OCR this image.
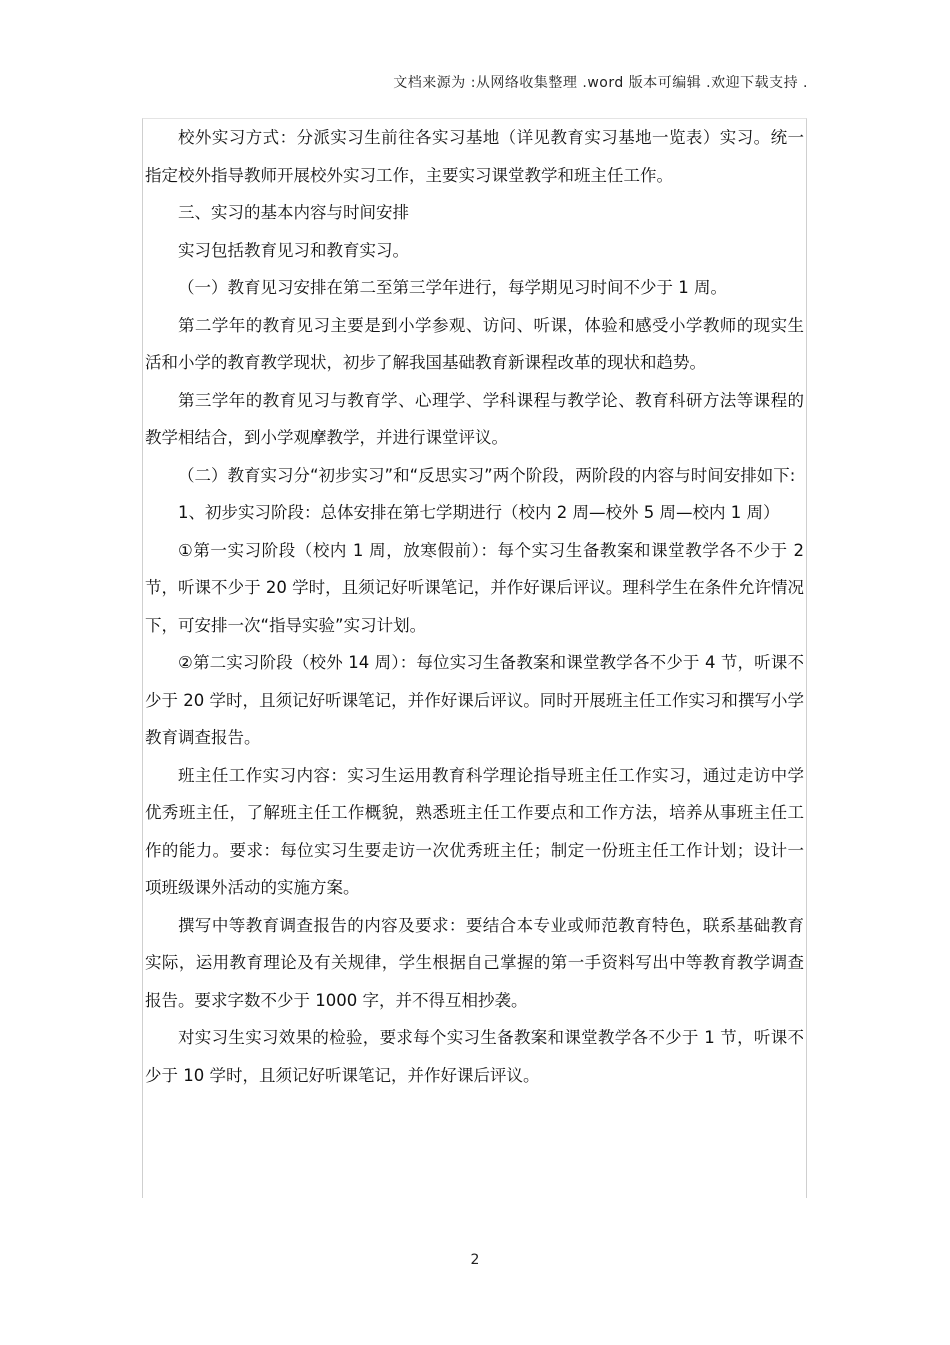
文档来源为 :从网络收集整理 .word 版本可编辑 .欢迎下载支持 .

校外实习方式：分派实习生前往各实习基地（详见教育实习基地一览表）实习。统一指定校外指导教师开展校外实习工作，主要实习课堂教学和班主任工作。

三、实习的基本内容与时间安排

实习包括教育见习和教育实习。

（一）教育见习安排在第二至第三学年进行，每学期见习时间不少于 1 周。

第二学年的教育见习主要是到小学参观、访问、听课，体验和感受小学教师的现实生活和小学的教育教学现状，初步了解我国基础教育新课程改革的现状和趋势。

第三学年的教育见习与教育学、心理学、学科课程与教学论、教育科研方法等课程的教学相结合，到小学观摩教学，并进行课堂评议。

（二）教育实习分“初步实习”和“反思实习”两个阶段，两阶段的内容与时间安排如下:

1、初步实习阶段：总体安排在第七学期进行（校内 2 周—校外 5 周—校内 1 周）

①第一实习阶段（校内 1 周，放寒假前）：每个实习生备教案和课堂教学各不少于 2 节，听课不少于 20 学时，且须记好听课笔记，并作好课后评议。理科学生在条件允许情况下，可安排一次“指导实验”实习计划。

②第二实习阶段（校外 14 周）：每位实习生备教案和课堂教学各不少于 4 节，听课不少于 20 学时，且须记好听课笔记，并作好课后评议。同时开展班主任工作实习和撰写小学教育调查报告。

班主任工作实习内容：实习生运用教育科学理论指导班主任工作实习，通过走访中学优秀班主任，了解班主任工作概貌，熟悉班主任工作要点和工作方法，培养从事班主任工作的能力。要求：每位实习生要走访一次优秀班主任；制定一份班主任工作计划；设计一项班级课外活动的实施方案。

撰写中等教育调查报告的内容及要求：要结合本专业或师范教育特色，联系基础教育实际，运用教育理论及有关规律，学生根据自己掌握的第一手资料写出中等教育教学调查报告。要求字数不少于 1000 字，并不得互相抄袭。

对实习生实习效果的检验，要求每个实习生备教案和课堂教学各不少于 1 节，听课不少于 10 学时，且须记好听课笔记，并作好课后评议。

2
